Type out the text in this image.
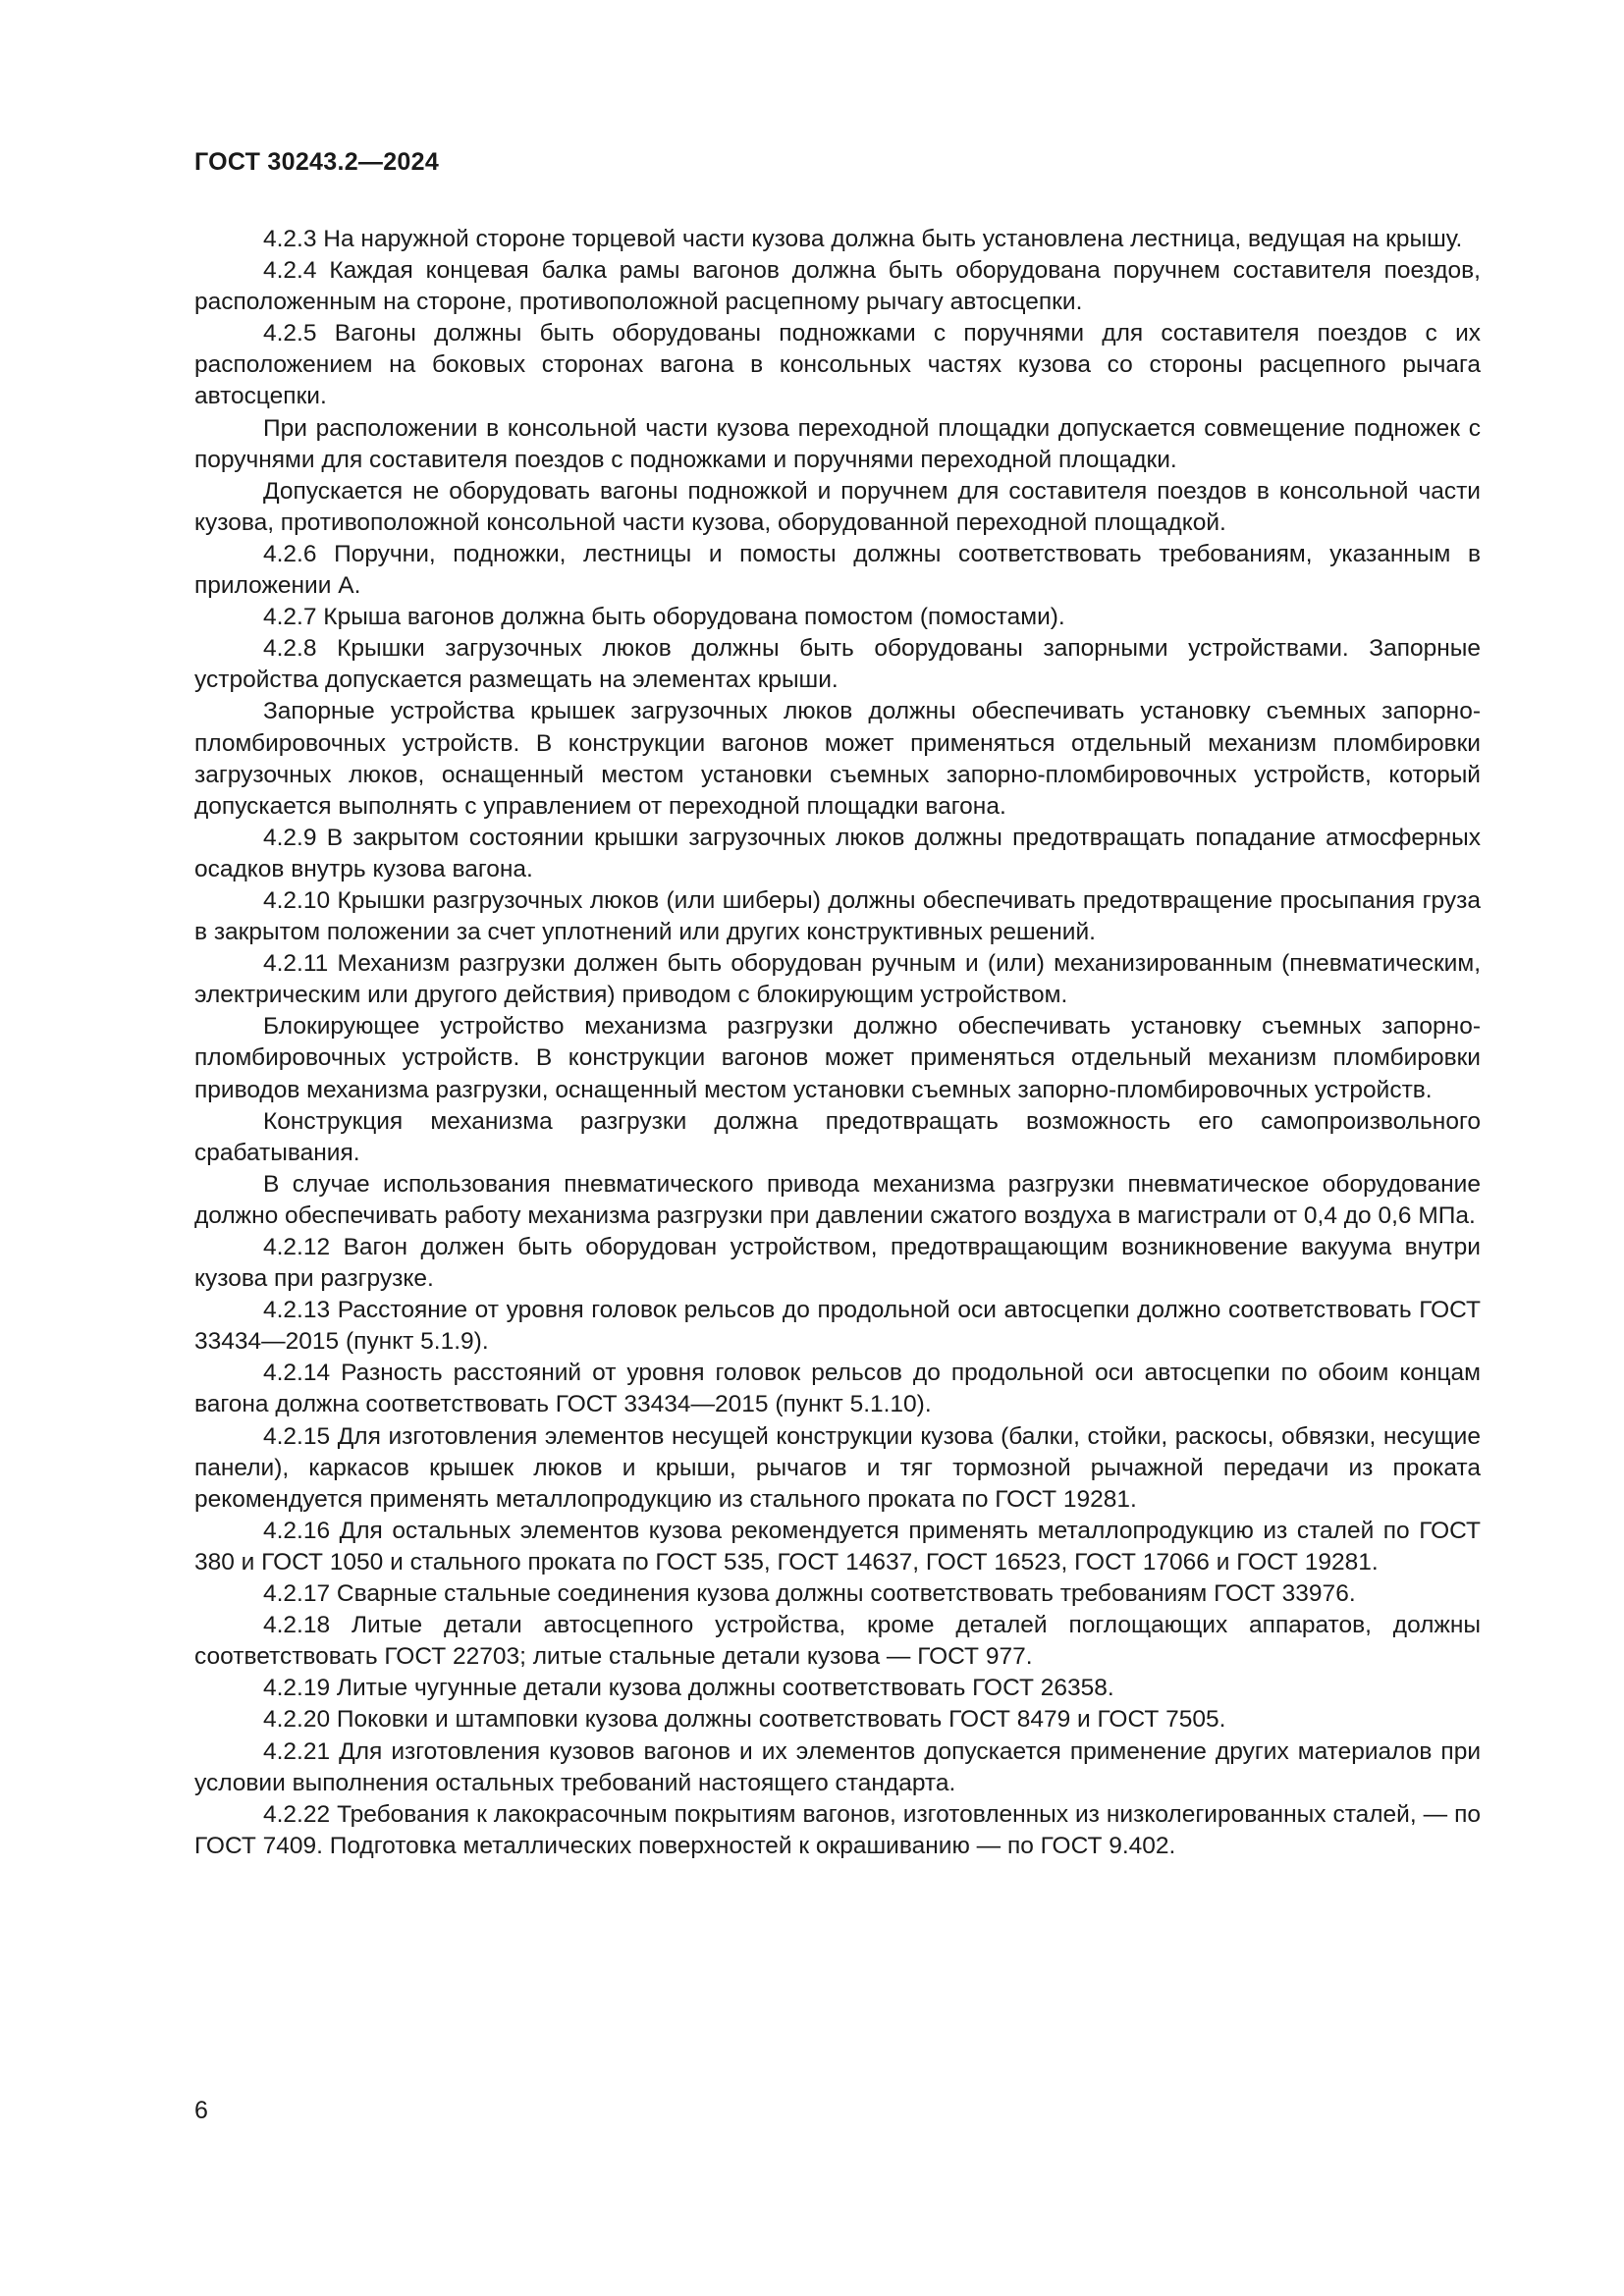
ГОСТ 30243.2—2024

4.2.3 На наружной стороне торцевой части кузова должна быть установлена лестница, ведущая на крышу.

4.2.4 Каждая концевая балка рамы вагонов должна быть оборудована поручнем составителя поездов, расположенным на стороне, противоположной расцепному рычагу автосцепки.

4.2.5 Вагоны должны быть оборудованы подножками с поручнями для составителя поездов с их расположением на боковых сторонах вагона в консольных частях кузова со стороны расцепного рычага автосцепки.

При расположении в консольной части кузова переходной площадки допускается совмещение подножек с поручнями для составителя поездов с подножками и поручнями переходной площадки.

Допускается не оборудовать вагоны подножкой и поручнем для составителя поездов в консольной части кузова, противоположной консольной части кузова, оборудованной переходной площадкой.

4.2.6 Поручни, подножки, лестницы и помосты должны соответствовать требованиям, указанным в приложении А.

4.2.7 Крыша вагонов должна быть оборудована помостом (помостами).

4.2.8 Крышки загрузочных люков должны быть оборудованы запорными устройствами. Запорные устройства допускается размещать на элементах крыши.

Запорные устройства крышек загрузочных люков должны обеспечивать установку съемных запорно-пломбировочных устройств. В конструкции вагонов может применяться отдельный механизм пломбировки загрузочных люков, оснащенный местом установки съемных запорно-пломбировочных устройств, который допускается выполнять с управлением от переходной площадки вагона.

4.2.9 В закрытом состоянии крышки загрузочных люков должны предотвращать попадание атмосферных осадков внутрь кузова вагона.

4.2.10 Крышки разгрузочных люков (или шиберы) должны обеспечивать предотвращение просыпания груза в закрытом положении за счет уплотнений или других конструктивных решений.

4.2.11 Механизм разгрузки должен быть оборудован ручным и (или) механизированным (пневматическим, электрическим или другого действия) приводом с блокирующим устройством.

Блокирующее устройство механизма разгрузки должно обеспечивать установку съемных запорно-пломбировочных устройств. В конструкции вагонов может применяться отдельный механизм пломбировки приводов механизма разгрузки, оснащенный местом установки съемных запорно-пломбировочных устройств.

Конструкция механизма разгрузки должна предотвращать возможность его самопроизвольного срабатывания.

В случае использования пневматического привода механизма разгрузки пневматическое оборудование должно обеспечивать работу механизма разгрузки при давлении сжатого воздуха в магистрали от 0,4 до 0,6 МПа.

4.2.12 Вагон должен быть оборудован устройством, предотвращающим возникновение вакуума внутри кузова при разгрузке.

4.2.13 Расстояние от уровня головок рельсов до продольной оси автосцепки должно соответствовать ГОСТ 33434—2015 (пункт 5.1.9).

4.2.14 Разность расстояний от уровня головок рельсов до продольной оси автосцепки по обоим концам вагона должна соответствовать ГОСТ 33434—2015 (пункт 5.1.10).

4.2.15 Для изготовления элементов несущей конструкции кузова (балки, стойки, раскосы, обвязки, несущие панели), каркасов крышек люков и крыши, рычагов и тяг тормозной рычажной передачи из проката рекомендуется применять металлопродукцию из стального проката по ГОСТ 19281.

4.2.16 Для остальных элементов кузова рекомендуется применять металлопродукцию из сталей по ГОСТ 380 и ГОСТ 1050 и стального проката по ГОСТ 535, ГОСТ 14637, ГОСТ 16523, ГОСТ 17066 и ГОСТ 19281.

4.2.17 Сварные стальные соединения кузова должны соответствовать требованиям ГОСТ 33976.

4.2.18 Литые детали автосцепного устройства, кроме деталей поглощающих аппаратов, должны соответствовать ГОСТ 22703; литые стальные детали кузова — ГОСТ 977.

4.2.19 Литые чугунные детали кузова должны соответствовать ГОСТ 26358.

4.2.20 Поковки и штамповки кузова должны соответствовать ГОСТ 8479 и ГОСТ 7505.

4.2.21 Для изготовления кузовов вагонов и их элементов допускается применение других материалов при условии выполнения остальных требований настоящего стандарта.

4.2.22 Требования к лакокрасочным покрытиям вагонов, изготовленных из низколегированных сталей, — по ГОСТ 7409. Подготовка металлических поверхностей к окрашиванию — по ГОСТ 9.402.

6
